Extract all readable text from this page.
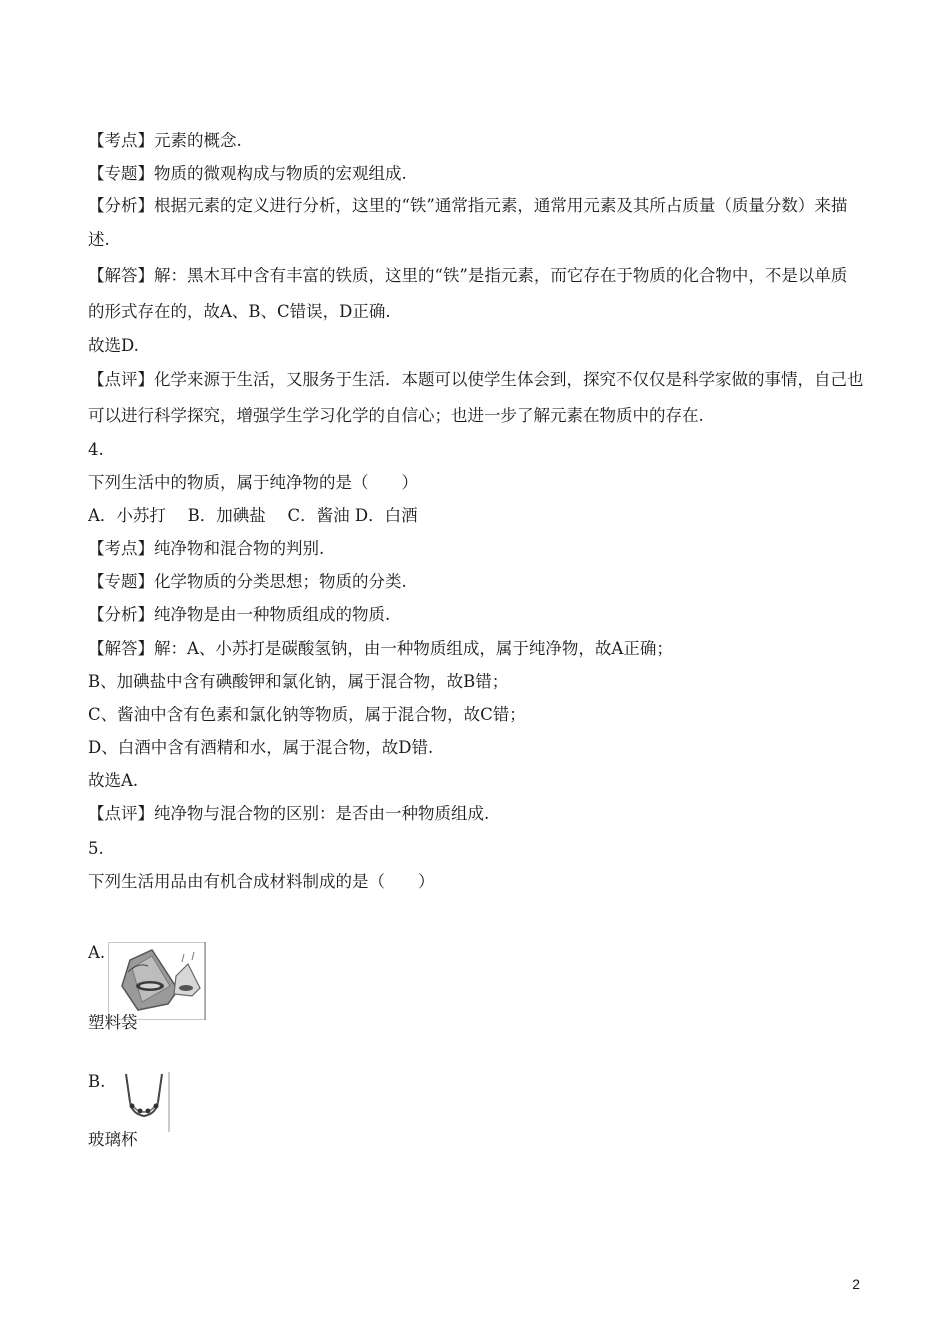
【考点】元素的概念.
【专题】物质的微观构成与物质的宏观组成.
【分析】根据元素的定义进行分析，这里的“铁”通常指元素，通常用元素及其所占质量（质量分数）来描
述.
【解答】解：黑木耳中含有丰富的铁质，这里的“铁”是指元素，而它存在于物质的化合物中，不是以单质
的形式存在的，故A、B、C错误，D正确.
故选D.
【点评】化学来源于生活，又服务于生活．本题可以使学生体会到，探究不仅仅是科学家做的事情，自己也
可以进行科学探究，增强学生学习化学的自信心；也进一步了解元素在物质中的存在.
4.
下列生活中的物质，属于纯净物的是（　　）
A．小苏打　 B．加碘盐　 C．酱油 D．白酒
【考点】纯净物和混合物的判别.
【专题】化学物质的分类思想；物质的分类.
【分析】纯净物是由一种物质组成的物质.
【解答】解：A、小苏打是碳酸氢钠，由一种物质组成，属于纯净物，故A正确；
B、加碘盐中含有碘酸钾和氯化钠，属于混合物，故B错；
C、酱油中含有色素和氯化钠等物质，属于混合物，故C错；
D、白酒中含有酒精和水，属于混合物，故D错.
故选A.
【点评】纯净物与混合物的区别：是否由一种物质组成.
5.
下列生活用品由有机合成材料制成的是（　　）
A.
塑料袋
B.
玻璃杯
2
